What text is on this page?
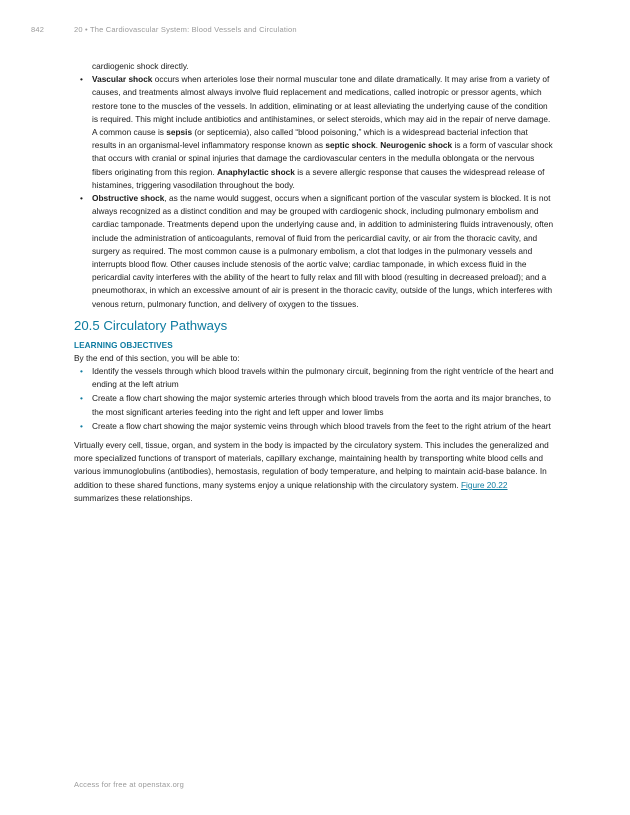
842	20 • The Cardiovascular System: Blood Vessels and Circulation

cardiogenic shock directly.

• Vascular shock occurs when arterioles lose their normal muscular tone and dilate dramatically. It may arise from a variety of causes, and treatments almost always involve fluid replacement and medications, called inotropic or pressor agents, which restore tone to the muscles of the vessels. In addition, eliminating or at least alleviating the underlying cause of the condition is required. This might include antibiotics and antihistamines, or select steroids, which may aid in the repair of nerve damage. A common cause is sepsis (or septicemia), also called “blood poisoning,” which is a widespread bacterial infection that results in an organismal-level inflammatory response known as septic shock. Neurogenic shock is a form of vascular shock that occurs with cranial or spinal injuries that damage the cardiovascular centers in the medulla oblongata or the nervous fibers originating from this region. Anaphylactic shock is a severe allergic response that causes the widespread release of histamines, triggering vasodilation throughout the body.
• Obstructive shock, as the name would suggest, occurs when a significant portion of the vascular system is blocked. It is not always recognized as a distinct condition and may be grouped with cardiogenic shock, including pulmonary embolism and cardiac tamponade. Treatments depend upon the underlying cause and, in addition to administering fluids intravenously, often include the administration of anticoagulants, removal of fluid from the pericardial cavity, or air from the thoracic cavity, and surgery as required. The most common cause is a pulmonary embolism, a clot that lodges in the pulmonary vessels and interrupts blood flow. Other causes include stenosis of the aortic valve; cardiac tamponade, in which excess fluid in the pericardial cavity interferes with the ability of the heart to fully relax and fill with blood (resulting in decreased preload); and a pneumothorax, in which an excessive amount of air is present in the thoracic cavity, outside of the lungs, which interferes with venous return, pulmonary function, and delivery of oxygen to the tissues.
20.5 Circulatory Pathways
LEARNING OBJECTIVES

By the end of this section, you will be able to:

• Identify the vessels through which blood travels within the pulmonary circuit, beginning from the right ventricle of the heart and ending at the left atrium
• Create a flow chart showing the major systemic arteries through which blood travels from the aorta and its major branches, to the most significant arteries feeding into the right and left upper and lower limbs
• Create a flow chart showing the major systemic veins through which blood travels from the feet to the right atrium of the heart

Virtually every cell, tissue, organ, and system in the body is impacted by the circulatory system. This includes the generalized and more specialized functions of transport of materials, capillary exchange, maintaining health by transporting white blood cells and various immunoglobulins (antibodies), hemostasis, regulation of body temperature, and helping to maintain acid-base balance. In addition to these shared functions, many systems enjoy a unique relationship with the circulatory system. Figure 20.22 summarizes these relationships.

Access for free at openstax.org
